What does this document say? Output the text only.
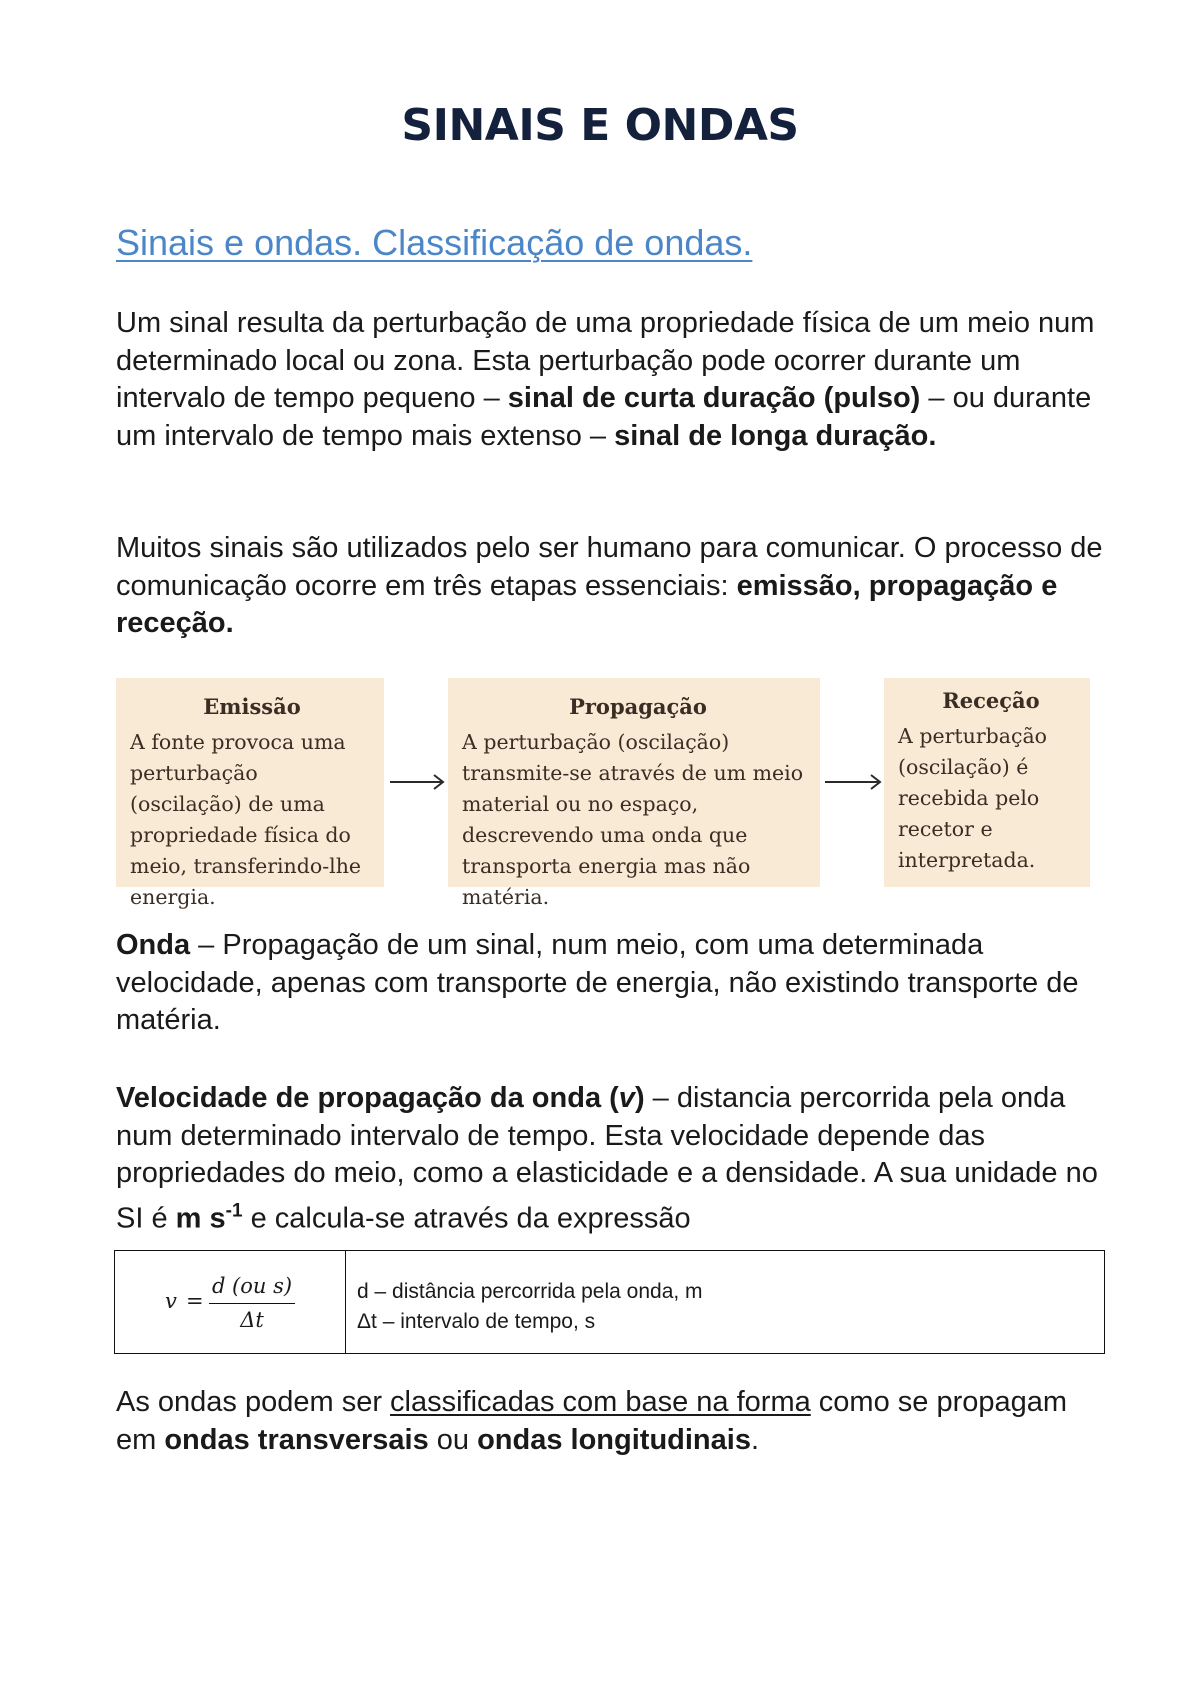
SINAIS E ONDAS
Sinais e ondas. Classificação de ondas.

Um sinal resulta da perturbação de uma propriedade física de um meio num determinado local ou zona. Esta perturbação pode ocorrer durante um intervalo de tempo pequeno – sinal de curta duração (pulso) – ou durante um intervalo de tempo mais extenso – sinal de longa duração.

Muitos sinais são utilizados pelo ser humano para comunicar. O processo de comunicação ocorre em três etapas essenciais: emissão, propagação e receção.

Emissão
A fonte provoca uma perturbação (oscilação) de uma propriedade física do meio, transferindo-lhe energia.
Propagação
A perturbação (oscilação) transmite-se através de um meio material ou no espaço, descrevendo uma onda que transporta energia mas não matéria.
Receção
A perturbação (oscilação) é recebida pelo recetor e interpretada.

Onda – Propagação de um sinal, num meio, com uma determinada velocidade, apenas com transporte de energia, não existindo transporte de matéria.

Velocidade de propagação da onda (v) – distancia percorrida pela onda num determinado intervalo de tempo. Esta velocidade depende das propriedades do meio, como a elasticidade e a densidade. A sua unidade no SI é m $s^{-1}$ e calcula-se através da expressão

v =
d (ou s)
Δt
d – distância percorrida pela onda, m
Δt – intervalo de tempo, s

As ondas podem ser classificadas com base na forma como se propagam em ondas transversais ou ondas longitudinais.
